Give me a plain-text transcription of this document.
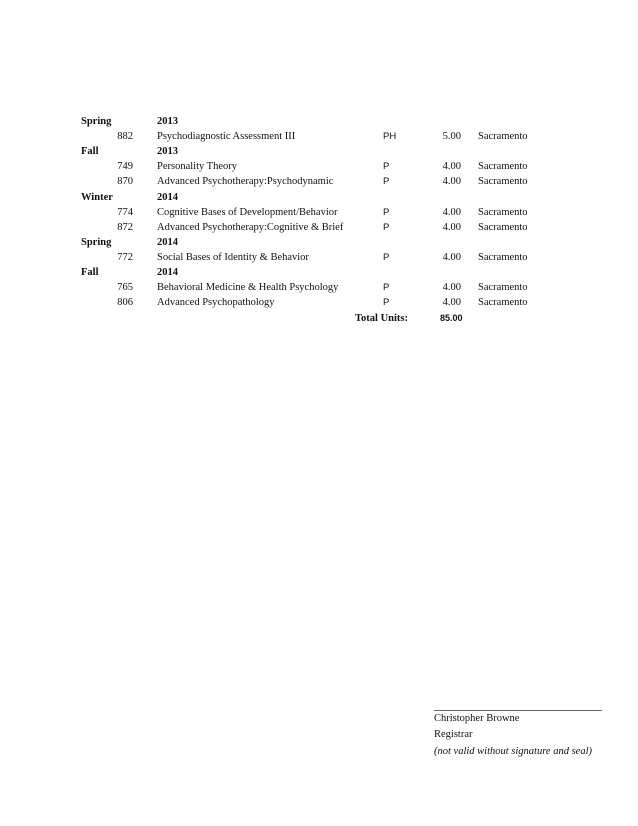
Spring	2013
882 Psychodiagnostic Assessment III	PH	5.00 Sacramento
Fall	2013
749 Personality Theory	P	4.00 Sacramento
870 Advanced Psychotherapy:Psychodynamic	P	4.00 Sacramento
Winter	2014
774 Cognitive Bases of Development/Behavior	P	4.00 Sacramento
872 Advanced Psychotherapy:Cognitive & Brief	P	4.00 Sacramento
Spring	2014
772 Social Bases of Identity & Behavior	P	4.00 Sacramento
Fall	2014
765 Behavioral Medicine & Health Psychology	P	4.00 Sacramento
806 Advanced Psychopathology	P	4.00 Sacramento
Total Units:	85.00
Christopher Browne
Registrar
(not valid without signature and seal)
